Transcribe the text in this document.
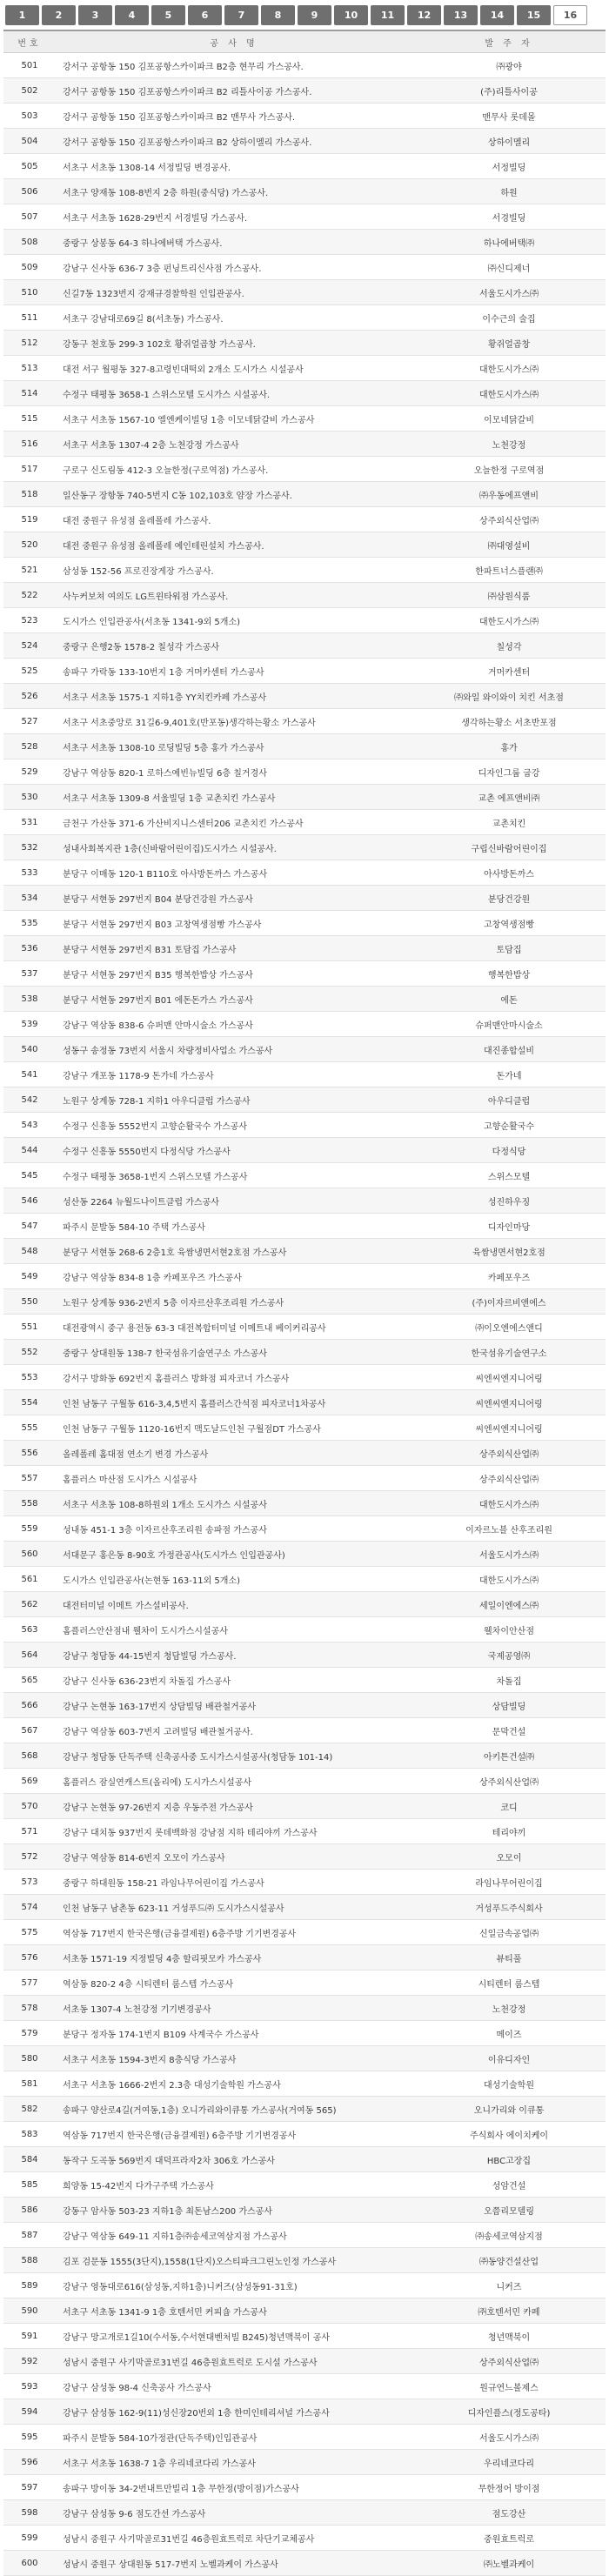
1	2	3	4	5	6	7	8	9	10	11	12	13	14	15	16
번호	공 사 명	발 주 자
501	강서구 공항동 150 김포공항스카이파크 B2층 현무리 가스공사.	㈜광야
502	강서구 공항동 150 김포공항스카이파크 B2 리틀사이공 가스공사.	(주)리틀사이공
503	강서구 공항동 150 김포공항스카이파크 B2 맨무사 가스공사.	맨무사 롯데몰
504	강서구 공항동 150 김포공항스카이파크 B2 상하이멜리 가스공사.	상하이멜리
505	서초구 서초동 1308-14 서정빌딩 변경공사.	서정빌딩
506	서초구 양재동 108-8번지 2층 하원(중식당) 가스공사.	하원
507	서초구 서초동 1628-29번지 서경빌딩 가스공사.	서경빌딩
508	중랑구 상봉동 64-3 하나에버택 가스공사.	하나에버택㈜
509	강남구 신사동 636-7 3층 펀닝트리신사점 가스공사.	㈜신디제너
510	신길7동 1323번지 강재규경찰학원 인입관공사.	서울도시가스㈜
511	서초구 강남대로69길 8(서초동) 가스공사.	이수근의 술집
512	강동구 천호동 299-3 102호 황쥐얼곱창 가스공사.	황쥐얼곱창
513	대전 서구 월평동 327-8고령빈대떡외 2개소 도시가스 시설공사	대한도시가스㈜
514	수정구 태평동 3658-1 스위스모텔 도시가스 시설공사.	대한도시가스㈜
515	서초구 서초동 1567-10 엘엔케이빌딩 1층 이모네닭갈비 가스공사	이모네닭갈비
516	서초구 서초동 1307-4 2층 노천강정 가스공사	노천강정
517	구로구 신도림동 412-3 오늘한정(구로역점) 가스공사.	오늘한정 구로역점
518	일산동구 장항동 740-5번지 C동 102,103호 얌장 가스공사.	㈜우동에프앤비
519	대전 중원구 유성점 올레폴레 가스공사.	상주외식산업㈜
520	대전 중원구 유성점 올레폴레 예인테린설치 가스공사.	㈜대영설비
521	삼성동 152-56 프로진장게장 가스공사.	한파트너스플랜㈜
522	사누커보쳐 여의도 LG트윈타워점 가스공사.	㈜삼원식품
523	도시가스 인입관공사(서초동 1341-9외 5개소)	대한도시가스㈜
524	중랑구 은행2동 1578-2 칠성각 가스공사	칠성각
525	송파구 가락동 133-10번지 1층 거머카센터 가스공사	거머카센터
526	서초구 서초동 1575-1 지하1층 YY치킨카페 가스공사	㈜와일 와이와이 치킨 서초점
527	서초구 서초중앙로 31길6-9,401호(반포동)생각하는황소 가스공사	생각하는황소 서초반포점
528	서초구 서초동 1308-10 로딩빌딩 5층 홍가 가스공사	홍가
529	강남구 역삼동 820-1 로하스예빈뉴빌딩 6층 칠거경사	디자인그룹 굽강
530	서초구 서초동 1309-8 서울빌딩 1층 교촌치킨 가스공사	교촌 에프앤비㈜
531	금천구 가산동 371-6 가산비지니스센터206 교촌치킨 가스공사	교촌치킨
532	성내사회복지관 1층(신바람어린이집)도시가스 시설공사.	구립신바람어린이집
533	분당구 이매동 120-1 B110호 아사방돈까스 가스공사	아사방돈까스
534	분당구 서현동 297번지 B04 분당건강원 가스공사	분당건강원
535	분당구 서현동 297번지 B03 고창역생점빵 가스공사	고창역생점빵
536	분당구 서현동 297번지 B31 토담집 가스공사	토담집
537	분당구 서현동 297번지 B35 행복한밥상 가스공사	행복한밥상
538	분당구 서현동 297번지 B01 에돈돈가스 가스공사	에돈
539	강남구 역삼동 838-6 슈퍼맨 안마시술소 가스공사	슈퍼맨안마시술소
540	성동구 송정동 73번지 서울시 차량정비사업소 가스공사	대진종합설비
541	강남구 개포동 1178-9 돈가네 가스공사	돈가네
542	노원구 상계동 728-1 지하1 아우디클럽 가스공사	아우디클럽
543	수정구 신흥동 5552번지 고향순활국수 가스공사	고향순활국수
544	수정구 신흥동 5550번지 다정식당 가스공사	다정식당
545	수정구 태평동 3658-1번지 스위스모텔 가스공사	스위스모텔
546	성산동 2264 뉴월드나이트클럽 가스공사	성진하우징
547	파주시 문발동 584-10 주택 가스공사	디자인마당
548	분당구 서현동 268-6 2층1호 육쌈냉면서현2호점 가스공사	육쌈냉면서현2호점
549	강남구 역삼동 834-8 1층 카페포우즈 가스공사	카페포우즈
550	노원구 상계동 936-2번지 5층 이자르산후조리원 가스공사	(주)이자르비앤에스
551	대전광역시 중구 용전동 63-3 대전복합터미널 이메트내 베이커리공사	㈜이오엔에스앤디
552	중랑구 상대원동 138-7 한국섬유기술연구소 가스공사	한국섬유기술연구소
553	강서구 방화동 692번지 홈플러스 방화점 피자코너 가스공사	씨엔씨엔지니어링
554	인천 남동구 구월동 616-3,4,5번지 홈플러스간석점 피자코너1차공사	씨엔씨엔지니어링
555	인천 남동구 구월동 1120-16번지 맥도날드인천 구월점DT 가스공사	씨엔씨엔지니어링
556	올레폴레 홈대점 연소기 변경 가스공사	상주외식산업㈜
557	홈플러스 마산점 도시가스 시설공사	상주외식산업㈜
558	서초구 서초동 108-8하원외 1개소 도시가스 시설공사	대한도시가스㈜
559	성내동 451-1 3층 이자르산후조리원 송파점 가스공사	이자르노블 산후조리원
560	서대문구 홍은동 8-90호 가정관공사(도시가스 인입관공사)	서울도시가스㈜
561	도시가스 인입관공사(논현동 163-11외 5개소)	대한도시가스㈜
562	대전터미널 이메트 가스설비공사.	세일이엔에스㈜
563	홈플러스안산점내 웰차이 도시가스시설공사	웰차이안산점
564	강남구 청담동 44-15번지 청담빌딩 가스공사.	국제공영㈜
565	강남구 신사동 636-23번지 차돌집 가스공사	차돌집
566	강남구 논현동 163-17번지 상담빌딩 배관철거공사	상담빌딩
567	강남구 역삼동 603-7번지 고려빌딩 배관철거공사.	문막건설
568	강남구 청담동 단독주택 신축공사중 도시가스시설공사(청담동 101-14)	아키튼건설㈜
569	홈플러스 잠실연캐스트(올리에) 도시가스시설공사	상주외식산업㈜
570	강남구 논현동 97-26번지 지층 우동주전 가스공사	코디
571	강남구 대치동 937번지 롯데백화점 강남점 지하 테리야끼 가스공사	테리야끼
572	강남구 역삼동 814-6번지 오모이 가스공사	오모이
573	중랑구 하대원동 158-21 라임나무어린이집 가스공사	라임나무어린이집
574	인천 남동구 남촌동 623-11 거성푸드㈜ 도시가스시설공사	거성푸드주식회사
575	역삼동 717번지 한국은행(금융결제원) 6층주방 기기변경공사	신일금속공업㈜
576	서초동 1571-19 지정빌딩 4층 할리핏모카 가스공사	뷰티풀
577	역삼동 820-2 4층 시티렌터 룸스텝 가스공사	시티렌터 룸스텝
578	서초동 1307-4 노천강정 기기변경공사	노천강정
579	분당구 정자동 174-1번지 B109 사계국수 가스공사	메이즈
580	서초구 서초동 1594-3번지 8층식당 가스공사	이유디자인
581	서초구 서초동 1666-2번지 2.3층 대성기술학원 가스공사	대성기술학원
582	송파구 양산로4길(거여동,1층) 오니가리와이큐통 가스공사(거여동 565)	오니가리와 이큐통
583	역삼동 717번지 한국은행(금융결제원) 6층주방 기기변경공사	주식회사 에이치케이
584	동작구 도곡동 569번지 대덕프라자2차 306호 가스공사	HBC고장집
585	희양동 15-42번지 다가구주택 가스공사	성암건설
586	강동구 암사동 503-23 지하1층 최돈남스200 가스공사	오쯤리모델링
587	강남구 역삼동 649-11 지하1층㈜송세코역삼지점 가스공사	㈜송세코역삼지점
588	김포 검문동 1555(3단지),1558(1단지)오스티파크그린노인정 가스공사	㈜동양건설산업
589	강남구 영동대로616(삼성동,지하1층)니커즈(삼성동91-31호)	니커즈
590	서초구 서초동 1341-9 1층 호텐서민 커피숍 가스공사	㈜호텐서민 카페
591	강남구 망고개로1길10(수서동,수서현대벤처빌 B245)청년맥북이 공사	청년맥북이
592	성남시 중원구 사기막골로31번길 46층원효트럭로 도시설 가스공사	상주외식산업㈜
593	강남구 삼성동 98-4 신축공사 가스공사	원규연느볼제스
594	강남구 삼성동 162-9(11)성신장20번외 1층 한미인테리셔널 가스공사	디자인플스(정도공타)
595	파주시 문발동 584-10가정관(단독주택)인입관공사	서울도시가스㈜
596	서초구 서초동 1638-7 1층 우리네코다리 가스공사	우리네코다리
597	송파구 방이동 34-2번내트만빌리 1층 무한정(방이점)가스공사	무한정어 방이점
598	강남구 삼성동 9-6 점도간선 가스공사	점도강산
599	성남시 중원구 사기막골로31번길 46층원효트럭로 차단기교체공사	중원효트럭로
600	성남시 중원구 상대원동 517-7번지 노벨과케이 가스공사	㈜노벨과케이
